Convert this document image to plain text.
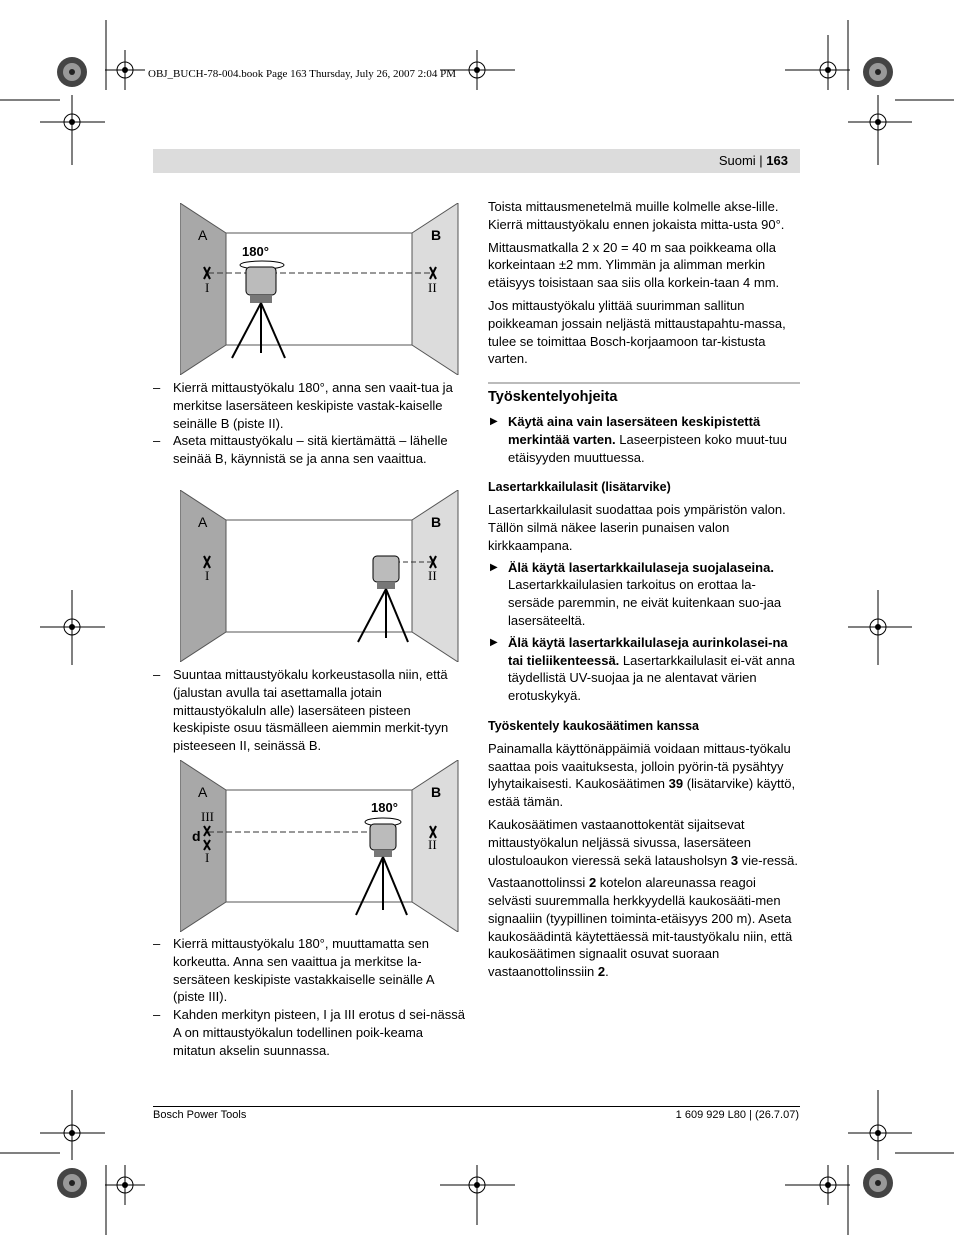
OBJ_BUCH-78-004.book Page 163 Thursday, July 26, 2007 2:04 PM
Suomi | 163
A	B
180°
I	II
A	B
I	II
A	B
180°
III
d
I
II
– Kierrä mittaustyökalu 180°, anna sen vaait-tua ja merkitse lasersäteen keskipiste vastak-kaiselle seinälle B (piste II).
– Aseta mittaustyökalu – sitä kiertämättä – lähelle seinää B, käynnistä se ja anna sen vaaittua.
– Suuntaa mittaustyökalu korkeustasolla niin, että (jalustan avulla tai asettamalla jotain mittaustyökaluln alle) lasersäteen pisteen keskipiste osuu täsmälleen aiemmin merkit-tyyn pisteeseen II, seinässä B.
– Kierrä mittaustyökalu 180°, muuttamatta sen korkeutta. Anna sen vaaittua ja merkitse la-sersäteen keskipiste vastakkaiselle seinälle A (piste III).
– Kahden merkityn pisteen, I ja III erotus d sei-nässä A on mittaustyökalun todellinen poik-keama mitatun akselin suunnassa.

Toista mittausmenetelmä muille kolmelle akse-lille. Kierrä mittaustyökalu ennen jokaista mitta-usta 90°.

Mittausmatkalla 2 x 20 = 40 m saa poikkeama olla korkeintaan ±2 mm. Ylimmän ja alimman merkin etäisyys toisistaan saa siis olla korkein-taan 4 mm.

Jos mittaustyökalu ylittää suurimman sallitun poikkeaman jossain neljästä mittaustapahtu-massa, tulee se toimittaa Bosch-korjaamoon tar-kistusta varten.

Työskentelyohjeita
▶ Käytä aina vain lasersäteen keskipistettä merkintää varten. Laseerpisteen koko muut-tuu etäisyyden muuttuessa.
Lasertarkkailulasit (lisätarvike)

Lasertarkkailulasit suodattaa pois ympäristön valon. Tällön silmä näkee laserin punaisen valon kirkkaampana.

▶ Älä käytä lasertarkkailulaseja suojalaseina. Lasertarkkailulasien tarkoitus on erottaa la-sersäde paremmin, ne eivät kuitenkaan suo-jaa lasersäteeltä.
▶ Älä käytä lasertarkkailulaseja aurinkolasei-na tai tieliikenteessä. Lasertarkkailulasit ei-vät anna täydellistä UV-suojaa ja ne alentavat värien erotuskykyä.
Työskentely kaukosäätimen kanssa

Painamalla käyttönäppäimiä voidaan mittaus-työkalu saattaa pois vaaituksesta, jolloin pyörin-tä pysähtyy lyhytaikaisesti. Kaukosäätimen 39 (lisätarvike) käyttö, estää tämän.

Kaukosäätimen vastaanottokentät sijaitsevat mittaustyökalun neljässä sivussa, lasersäteen ulostuloaukon vieressä sekä latausholsyn 3 vie-ressä.

Vastaanottolinssi 2 kotelon alareunassa reagoi selvästi suuremmalla herkkyydellä kaukosääti-men signaaliin (tyypillinen toiminta-etäisyys 200 m). Aseta kaukosäädintä käytettäessä mit-taustyökalu niin, että kaukosäätimen signaalit osuvat suoraan vastaanottolinssiin 2.

Bosch Power Tools	1 609 929 L80 | (26.7.07)
